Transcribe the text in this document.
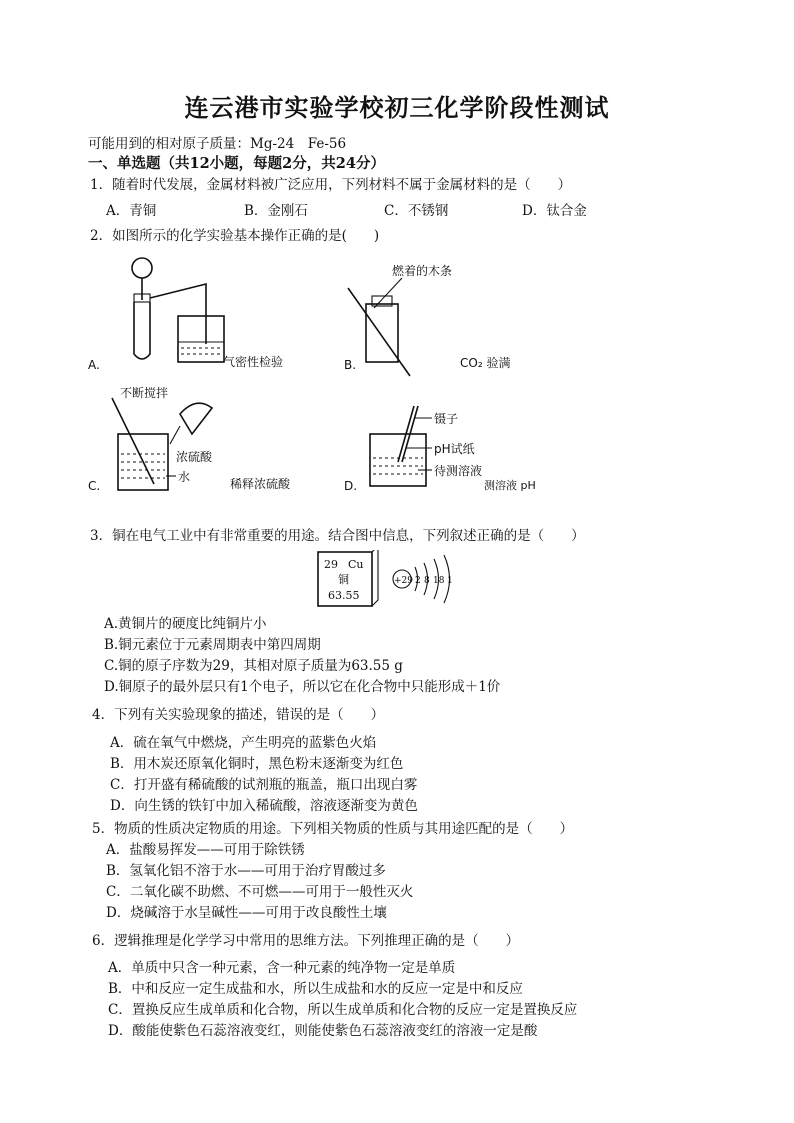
连云港市实验学校初三化学阶段性测试
可能用到的相对原子质量：Mg-24　Fe-56
一、单选题（共12小题，每题2分，共24分）
1．随着时代发展，金属材料被广泛应用，下列材料不属于金属材料的是（　　）
A．青铜	B．金刚石	C．不锈钢	D．钛合金
2．如图所示的化学实验基本操作正确的是(　　)
A.	气密性检验	B.
燃着的木条
CO₂ 验满
C.
不断搅拌
浓硫酸
水	稀释浓硫酸	D.
镊子
pH试纸
待测溶液
测溶液 pH
3．铜在电气工业中有非常重要的用途。结合图中信息，下列叙述正确的是（　　）
29 Cu
铜
63.55
+29 2 8 18 1
A.黄铜片的硬度比纯铜片小
B.铜元素位于元素周期表中第四周期
C.铜的原子序数为29，其相对原子质量为63.55 g
D.铜原子的最外层只有1个电子，所以它在化合物中只能形成＋1价
4．下列有关实验现象的描述，错误的是（　　）
A．硫在氧气中燃烧，产生明亮的蓝紫色火焰
B．用木炭还原氧化铜时，黑色粉末逐渐变为红色
C．打开盛有稀硫酸的试剂瓶的瓶盖，瓶口出现白雾
D．向生锈的铁钉中加入稀硫酸，溶液逐渐变为黄色
5．物质的性质决定物质的用途。下列相关物质的性质与其用途匹配的是（　　）
A．盐酸易挥发——可用于除铁锈
B．氢氧化铝不溶于水——可用于治疗胃酸过多
C．二氧化碳不助燃、不可燃——可用于一般性灭火
D．烧碱溶于水呈碱性——可用于改良酸性土壤
6．逻辑推理是化学学习中常用的思维方法。下列推理正确的是（　　）
A．单质中只含一种元素，含一种元素的纯净物一定是单质
B．中和反应一定生成盐和水，所以生成盐和水的反应一定是中和反应
C．置换反应生成单质和化合物，所以生成单质和化合物的反应一定是置换反应
D．酸能使紫色石蕊溶液变红，则能使紫色石蕊溶液变红的溶液一定是酸
